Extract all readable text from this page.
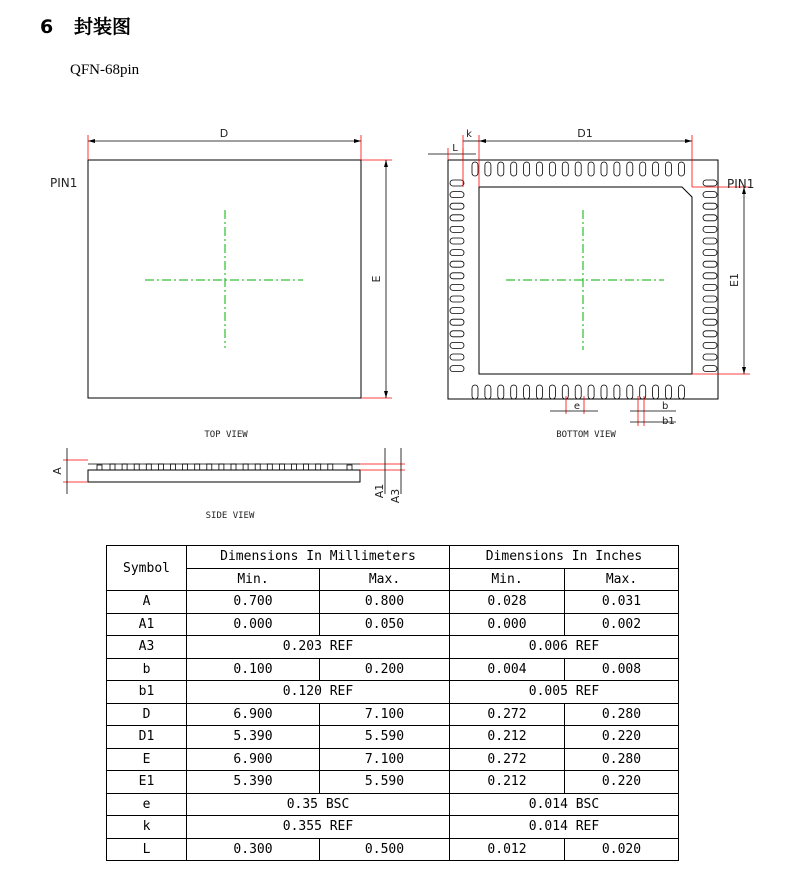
6 封装图
QFN-68pin
D
E
PIN1
TOP VIEW
D1
k
L
E1
PIN1
e	b
b1
BOTTOM VIEW
A
A1 A3
SIDE VIEW
Symbol	Dimensions In Millimeters		Dimensions In Inches	
	Min.	Max.	Min.	Max.
A	0.700	0.800	0.028	0.031
A1	0.000	0.050	0.000	0.002
A3	0.203 REF		0.006 REF	
b	0.100	0.200	0.004	0.008
b1	0.120 REF		0.005 REF	
D	6.900	7.100	0.272	0.280
D1	5.390	5.590	0.212	0.220
E	6.900	7.100	0.272	0.280
E1	5.390	5.590	0.212	0.220
e	0.35 BSC		0.014 BSC	
k	0.355 REF		0.014 REF	
L	0.300	0.500	0.012	0.020
